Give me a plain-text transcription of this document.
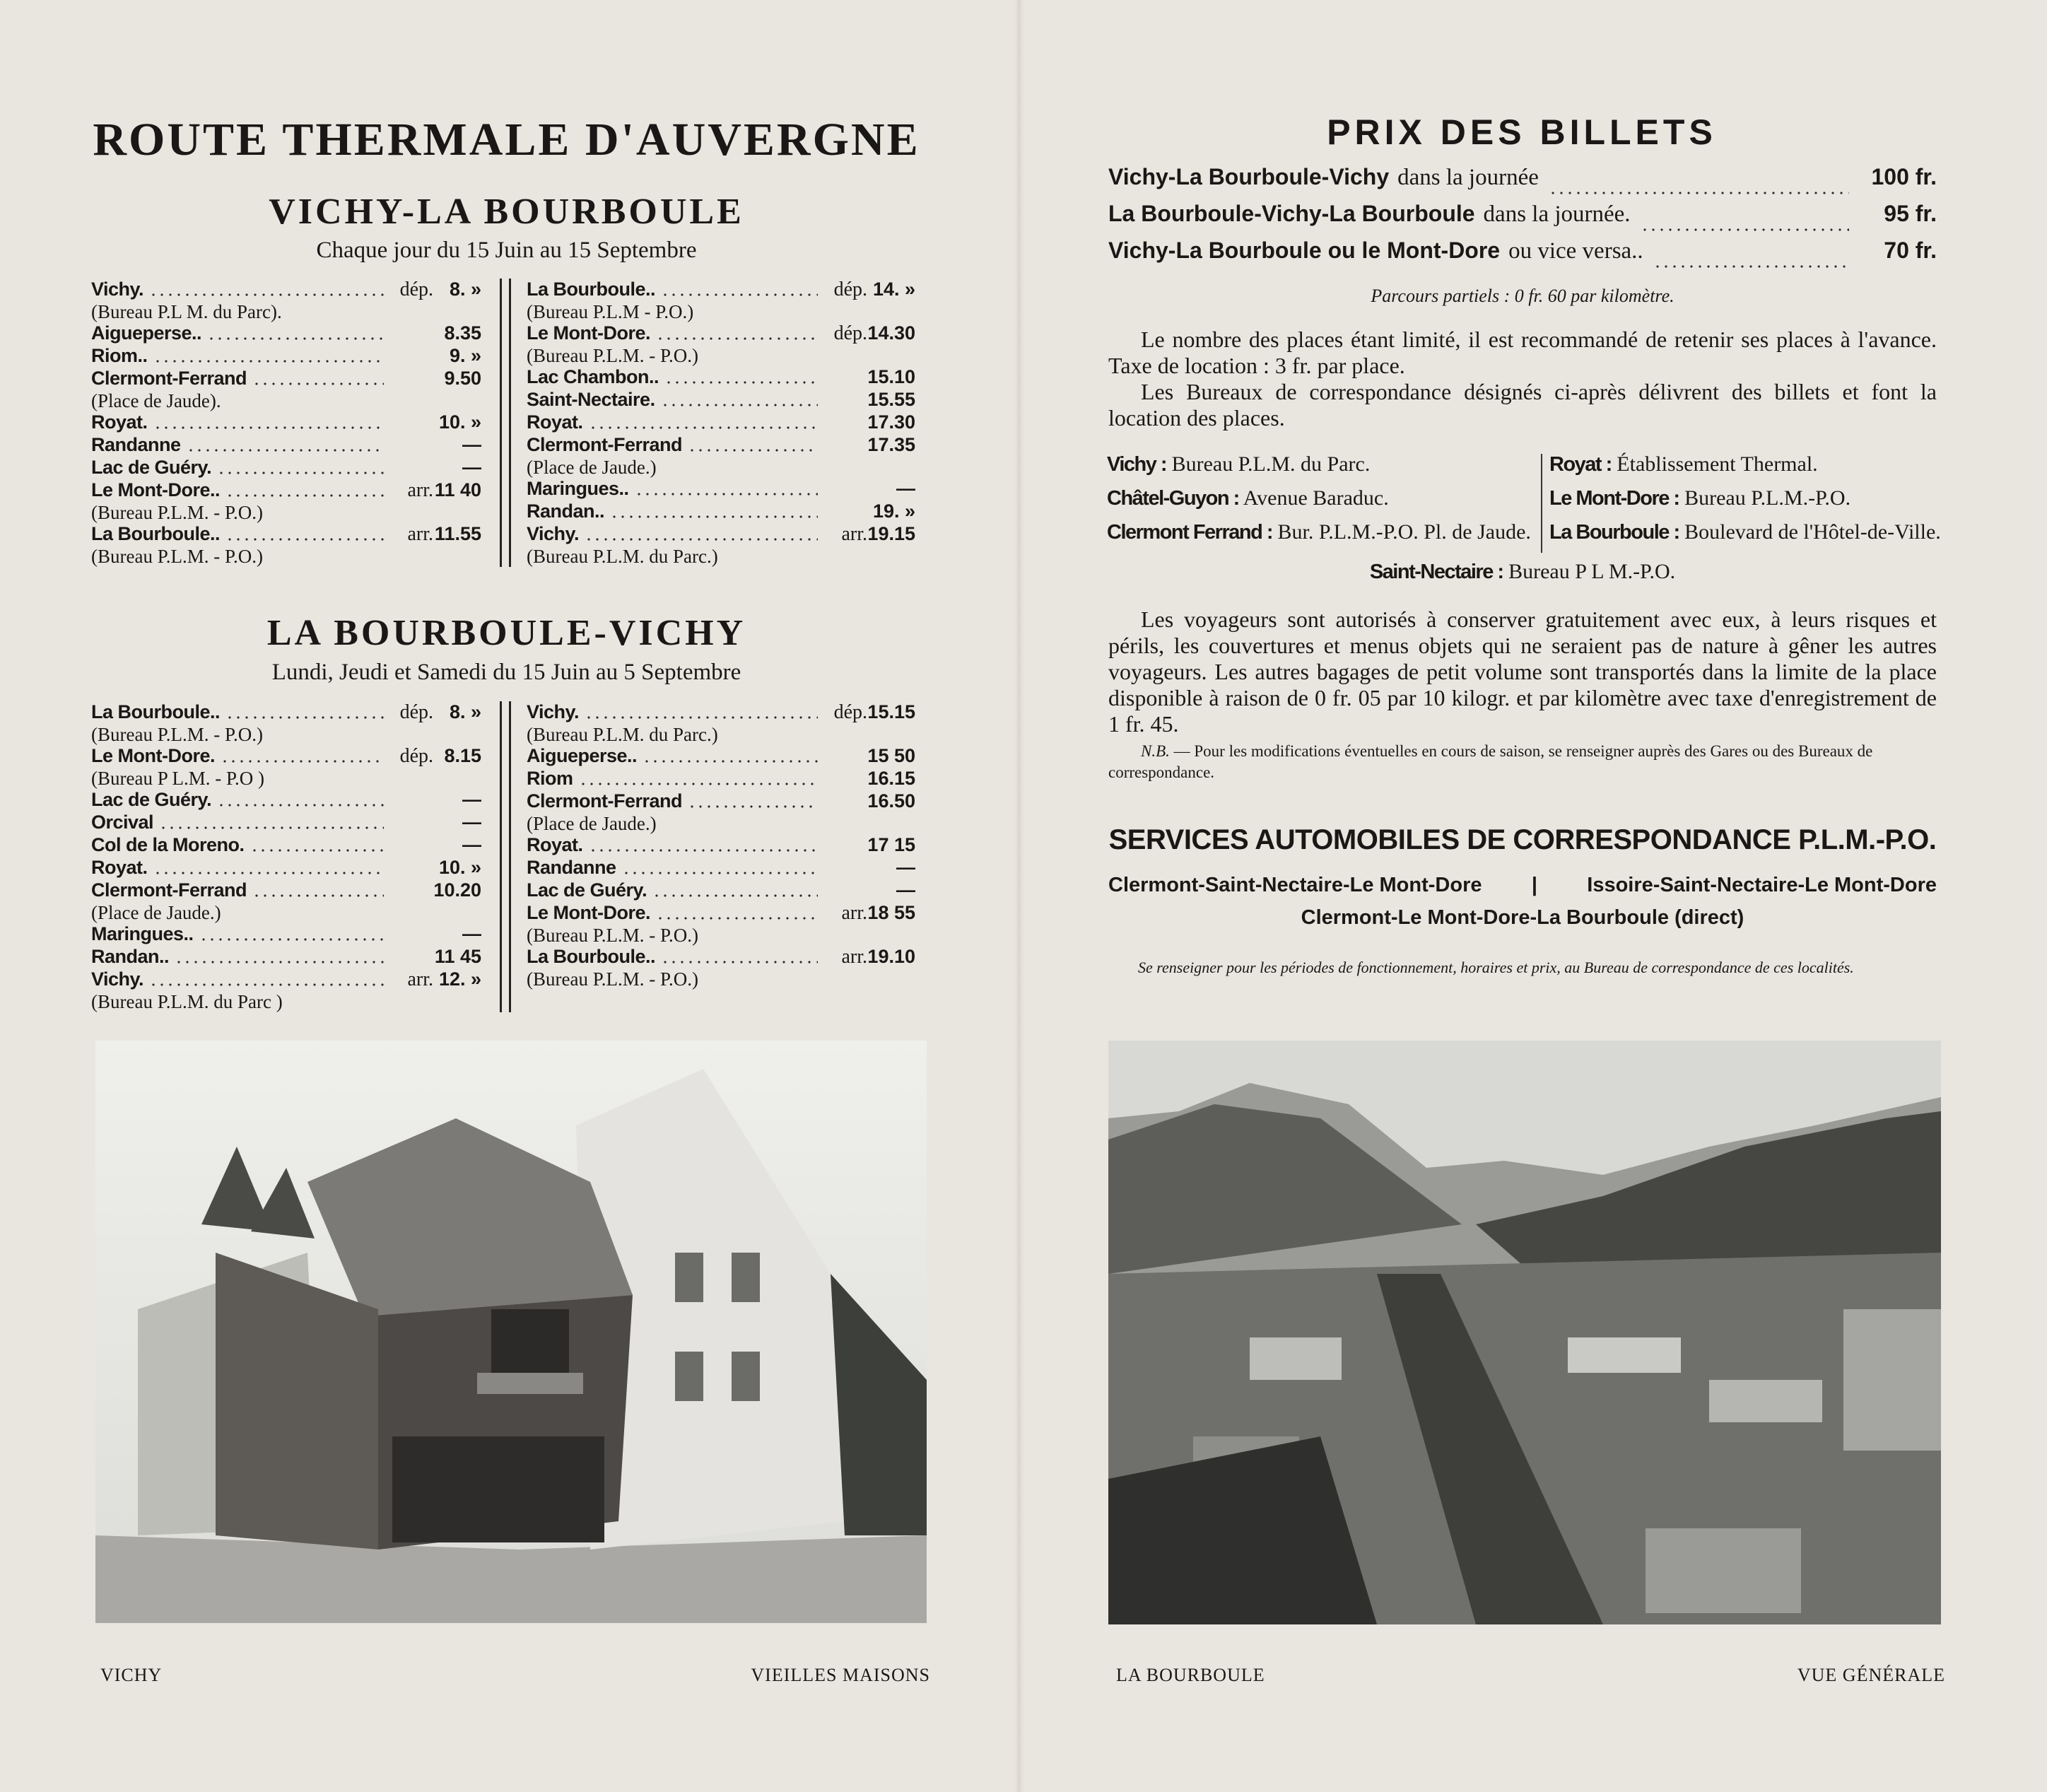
ROUTE THERMALE D'AUVERGNE
VICHY-LA BOURBOULE
Chaque jour du 15 Juin au 15 Septembre
Vichy.	dép. 8. »
(Bureau P.L M. du Parc).
Aigueperse..	8.35
Riom..	9. »
Clermont-Ferrand	9.50
(Place de Jaude).
Royat.	10. »
Randanne	—
Lac de Guéry.	—
Le Mont-Dore..	arr. 11 40
(Bureau P.L.M. - P.O.)
La Bourboule..	arr. 11.55
(Bureau P.L.M. - P.O.)
La Bourboule..	dép. 14. »
(Bureau P.L.M - P.O.)
Le Mont-Dore.	dép. 14.30
(Bureau P.L.M. - P.O.)
Lac Chambon..	15.10
Saint-Nectaire.	15.55
Royat.	17.30
Clermont-Ferrand	17.35
(Place de Jaude.)
Maringues..	—
Randan..	19. »
Vichy.	arr. 19.15
(Bureau P.L.M. du Parc.)
LA BOURBOULE-VICHY
Lundi, Jeudi et Samedi du 15 Juin au 5 Septembre
La Bourboule..	dép. 8. »
(Bureau P.L.M. - P.O.)
Le Mont-Dore.	dép. 8.15
(Bureau P L.M. - P.O )
Lac de Guéry.	—
Orcival	—
Col de la Moreno.	—
Royat.	10. »
Clermont-Ferrand	10.20
(Place de Jaude.)
Maringues..	—
Randan..	11 45
Vichy.	arr. 12. »
(Bureau P.L.M. du Parc )
Vichy.	dép. 15.15
(Bureau P.L.M. du Parc.)
Aigueperse..	15 50
Riom	16.15
Clermont-Ferrand	16.50
(Place de Jaude.)
Royat.	17 15
Randanne	—
Lac de Guéry.	—
Le Mont-Dore.	arr. 18 55
(Bureau P.L.M. - P.O.)
La Bourboule..	arr. 19.10
(Bureau P.L.M. - P.O.)
VICHY	VIEILLES MAISONS
PRIX DES BILLETS
Vichy-La Bourboule-Vichy dans la journée	100 fr.
La Bourboule-Vichy-La Bourboule dans la journée.	95 fr.
Vichy-La Bourboule ou le Mont-Dore ou vice versa..	70 fr.
Parcours partiels : 0 fr. 60 par kilomètre.
Le nombre des places étant limité, il est recommandé de retenir ses places à l'avance. Taxe de location : 3 fr. par place.
Les Bureaux de correspondance désignés ci-après délivrent des billets et font la location des places.
Vichy : Bureau P.L.M. du Parc.
Châtel-Guyon : Avenue Baraduc.
Clermont Ferrand : Bur. P.L.M.-P.O. Pl. de Jaude.
Royat : Établissement Thermal.
Le Mont-Dore : Bureau P.L.M.-P.O.
La Bourboule : Boulevard de l'Hôtel-de-Ville.
Saint-Nectaire : Bureau P L M.-P.O.
Les voyageurs sont autorisés à conserver gratuitement avec eux, à leurs risques et périls, les couvertures et menus objets qui ne seraient pas de nature à gêner les autres voyageurs. Les autres bagages de petit volume sont transportés dans la limite de la place disponible à raison de 0 fr. 05 par 10 kilogr. et par kilomètre avec taxe d'enregistrement de 1 fr. 45.
N.B. — Pour les modifications éventuelles en cours de saison, se renseigner auprès des Gares ou des Bureaux de correspondance.
SERVICES AUTOMOBILES DE CORRESPONDANCE P.L.M.-P.O.
Clermont-Saint-Nectaire-Le Mont-Dore | Issoire-Saint-Nectaire-Le Mont-Dore
Clermont-Le Mont-Dore-La Bourboule (direct)
Se renseigner pour les périodes de fonctionnement, horaires et prix, au Bureau de correspondance de ces localités.
LA BOURBOULE	VUE GÉNÉRALE
